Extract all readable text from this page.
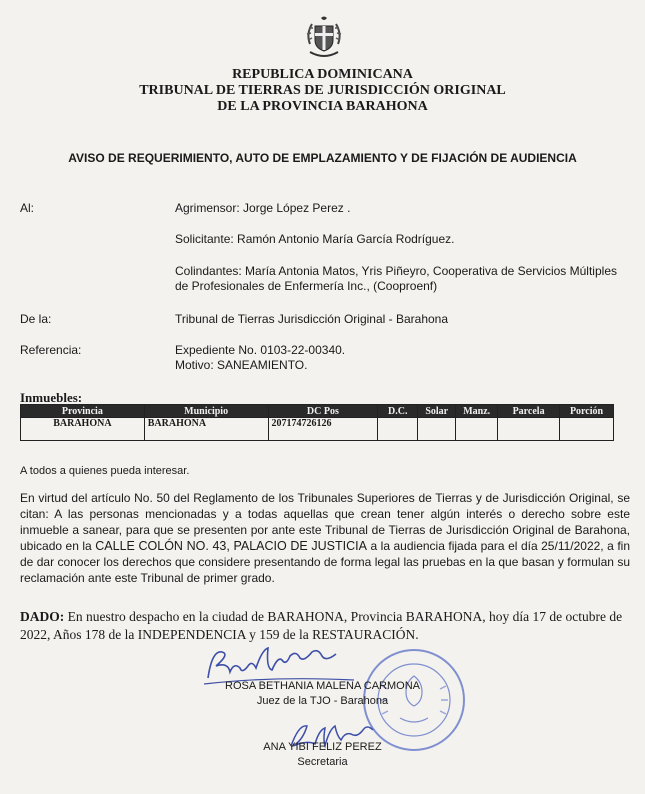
REPUBLICA DOMINICANA
TRIBUNAL DE TIERRAS DE JURISDICCIÓN ORIGINAL
DE LA PROVINCIA BARAHONA
AVISO DE REQUERIMIENTO, AUTO DE EMPLAZAMIENTO Y DE FIJACIÓN DE AUDIENCIA
Al:	Agrimensor: Jorge López Perez .
Solicitante: Ramón Antonio María García Rodríguez.
Colindantes: María Antonia Matos, Yris Piñeyro, Cooperativa de Servicios Múltiples
de Profesionales de Enfermería Inc., (Cooproenf)
De la:	Tribunal de Tierras Jurisdicción Original - Barahona
Referencia:	Expediente No. 0103-22-00340.
Motivo: SANEAMIENTO.
Inmuebles:
Provincia	Municipio	DC Pos	D.C.	Solar	Manz.	Parcela	Porción
BARAHONA	BARAHONA	207174726126					
A todos a quienes pueda interesar.
En virtud del artículo No. 50 del Reglamento de los Tribunales Superiores de Tierras y de Jurisdicción Original, se citan: A las personas mencionadas y a todas aquellas que crean tener algún interés o derecho sobre este inmueble a sanear, para que se presenten por ante este Tribunal de Tierras de Jurisdicción Original de Barahona, ubicado en la CALLE COLÓN NO. 43, PALACIO DE JUSTICIA a la audiencia fijada para el día 25/11/2022, a fin de dar conocer los derechos que considere presentando de forma legal las pruebas en la que basan y formulan su reclamación ante este Tribunal de primer grado.
DADO: En nuestro despacho en la ciudad de BARAHONA, Provincia BARAHONA, hoy día 17 de octubre de 2022, Años 178 de la INDEPENDENCIA y 159 de la RESTAURACIÓN.
ROSA BETHANIA MALENA CARMONA
Juez de la TJO - Barahona
ANA YIBI FELIZ PEREZ
Secretaria
